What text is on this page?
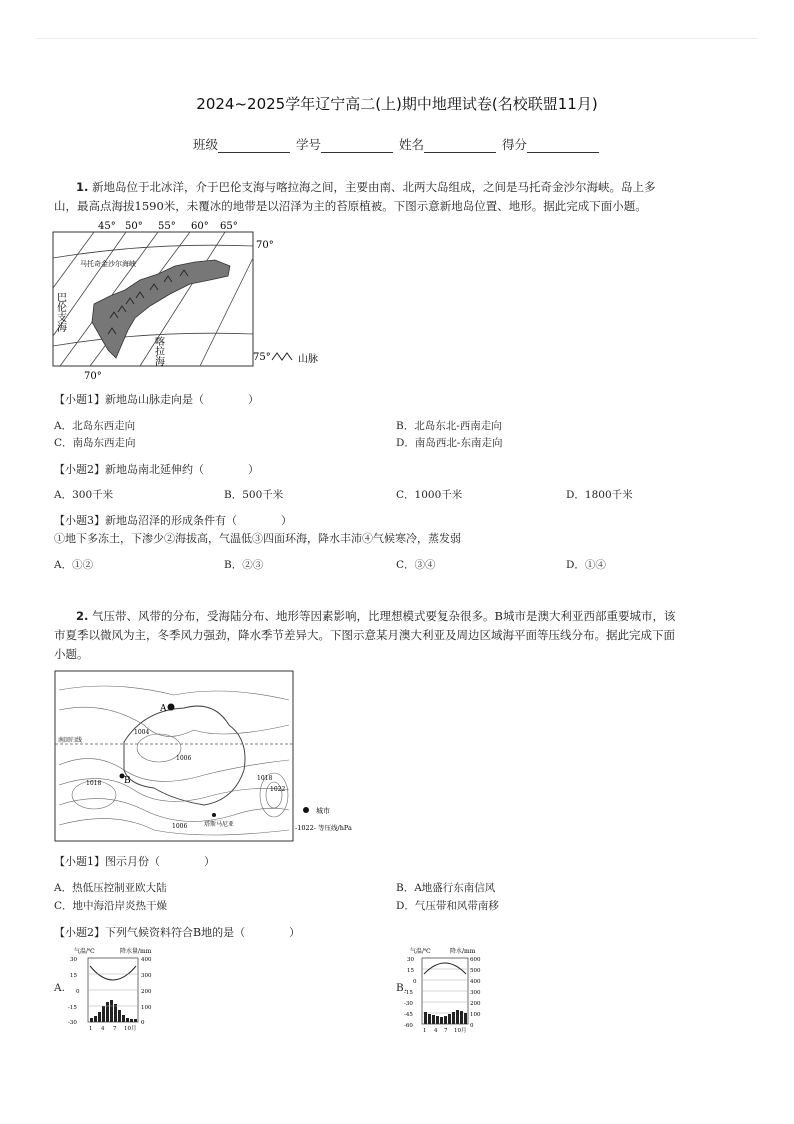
2024~2025学年辽宁高二(上)期中地理试卷(名校联盟11月)
班级	学号	姓名	得分
1. 新地岛位于北冰洋，介于巴伦支海与喀拉海之间，主要由南、北两大岛组成，之间是马托奇金沙尔海峡。岛上多
山，最高点海拔1590米，未覆冰的地带是以沼泽为主的苔原植被。下图示意新地岛位置、地形。据此完成下面小题。
45° 50° 55° 60° 65°
70°
75°
70°
马托奇金沙尔海峡
巴伦支海
喀拉海	山脉
【小题1】新地岛山脉走向是（　　　　）
A．北岛东西走向	B．北岛东北-西南走向
C．南岛东西走向	D．南岛西北-东南走向
【小题2】新地岛南北延伸约（　　　　）
A．300千米	B．500千米	C．1000千米	D．1800千米
【小题3】新地岛沼泽的形成条件有（　　　　）
①地下多冻土，下渗少②海拔高，气温低③四面环海，降水丰沛④气候寒冷，蒸发弱
A．①②	B．②③	C．③④	D．①④
2. 气压带、风带的分布，受海陆分布、地形等因素影响，比理想模式要复杂很多。B城市是澳大利亚西部重要城市，该
市夏季以微风为主，冬季风力强劲，降水季节差异大。下图示意某月澳大利亚及周边区域海平面等压线分布。据此完成下面
小题。
南回归线
A
B
1004
1006
1018
1018
1022
1006	塔斯马尼亚
城市
-1022- 等压线/hPa
【小题1】图示月份（　　　　）
A．热低压控制亚欧大陆	B．A地盛行东南信风
C．地中海沿岸炎热干燥	D．气压带和风带南移
【小题2】下列气候资料符合B地的是（　　　　）
A.	B.
气温/℃	降水量/mm
1 4 7 10月
30
15
0
-15
-30
400
300
200
100
0
气温/℃	降水/mm
1 4 7 10月
30
15
0
-15
-30
-45
-60
600
500
400
300
200
100
0
